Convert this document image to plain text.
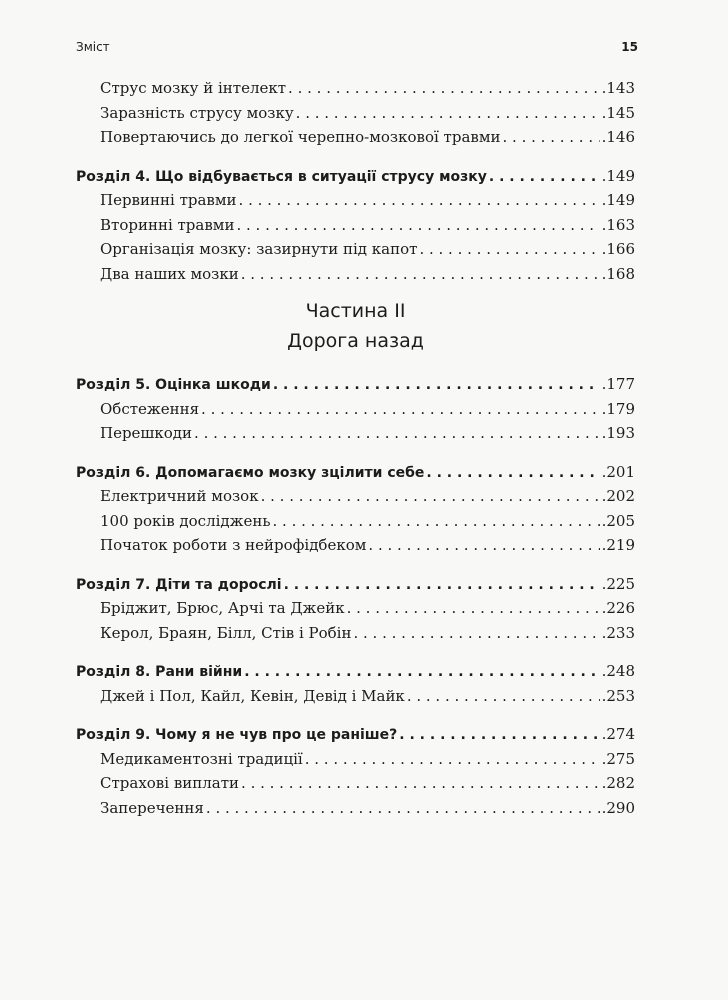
Зміст	15
Струс мозку й інтелект . . .	.143
Заразність струсу мозку . . .	.145
Повертаючись до легкої черепно-мозкової травми . . .	.146
Розділ 4. Що відбувається в ситуації струсу мозку . . .	.149
Первинні травми . . .	.149
Вторинні травми . . .	.163
Організація мозку: зазирнути під капот . . .	.166
Два наших мозки . . .	.168
Частина II
Дорога назад
Розділ 5. Оцінка шкоди . . .	.177
Обстеження . . .	.179
Перешкоди . . .	.193
Розділ 6. Допомагаємо мозку зцілити себе . . .	.201
Електричний мозок . . .	.202
100 років досліджень . . .	.205
Початок роботи з нейрофідбеком . . .	.219
Розділ 7. Діти та дорослі . . .	.225
Бріджит, Брюс, Арчі та Джейк . . .	.226
Керол, Браян, Білл, Стів і Робін . . .	.233
Розділ 8. Рани війни . . .	.248
Джей і Пол, Кайл, Кевін, Девід і Майк . . .	.253
Розділ 9. Чому я не чув про це раніше? . . .	.274
Медикаментозні традиції . . .	.275
Страхові виплати . . .	.282
Заперечення . . .	.290
